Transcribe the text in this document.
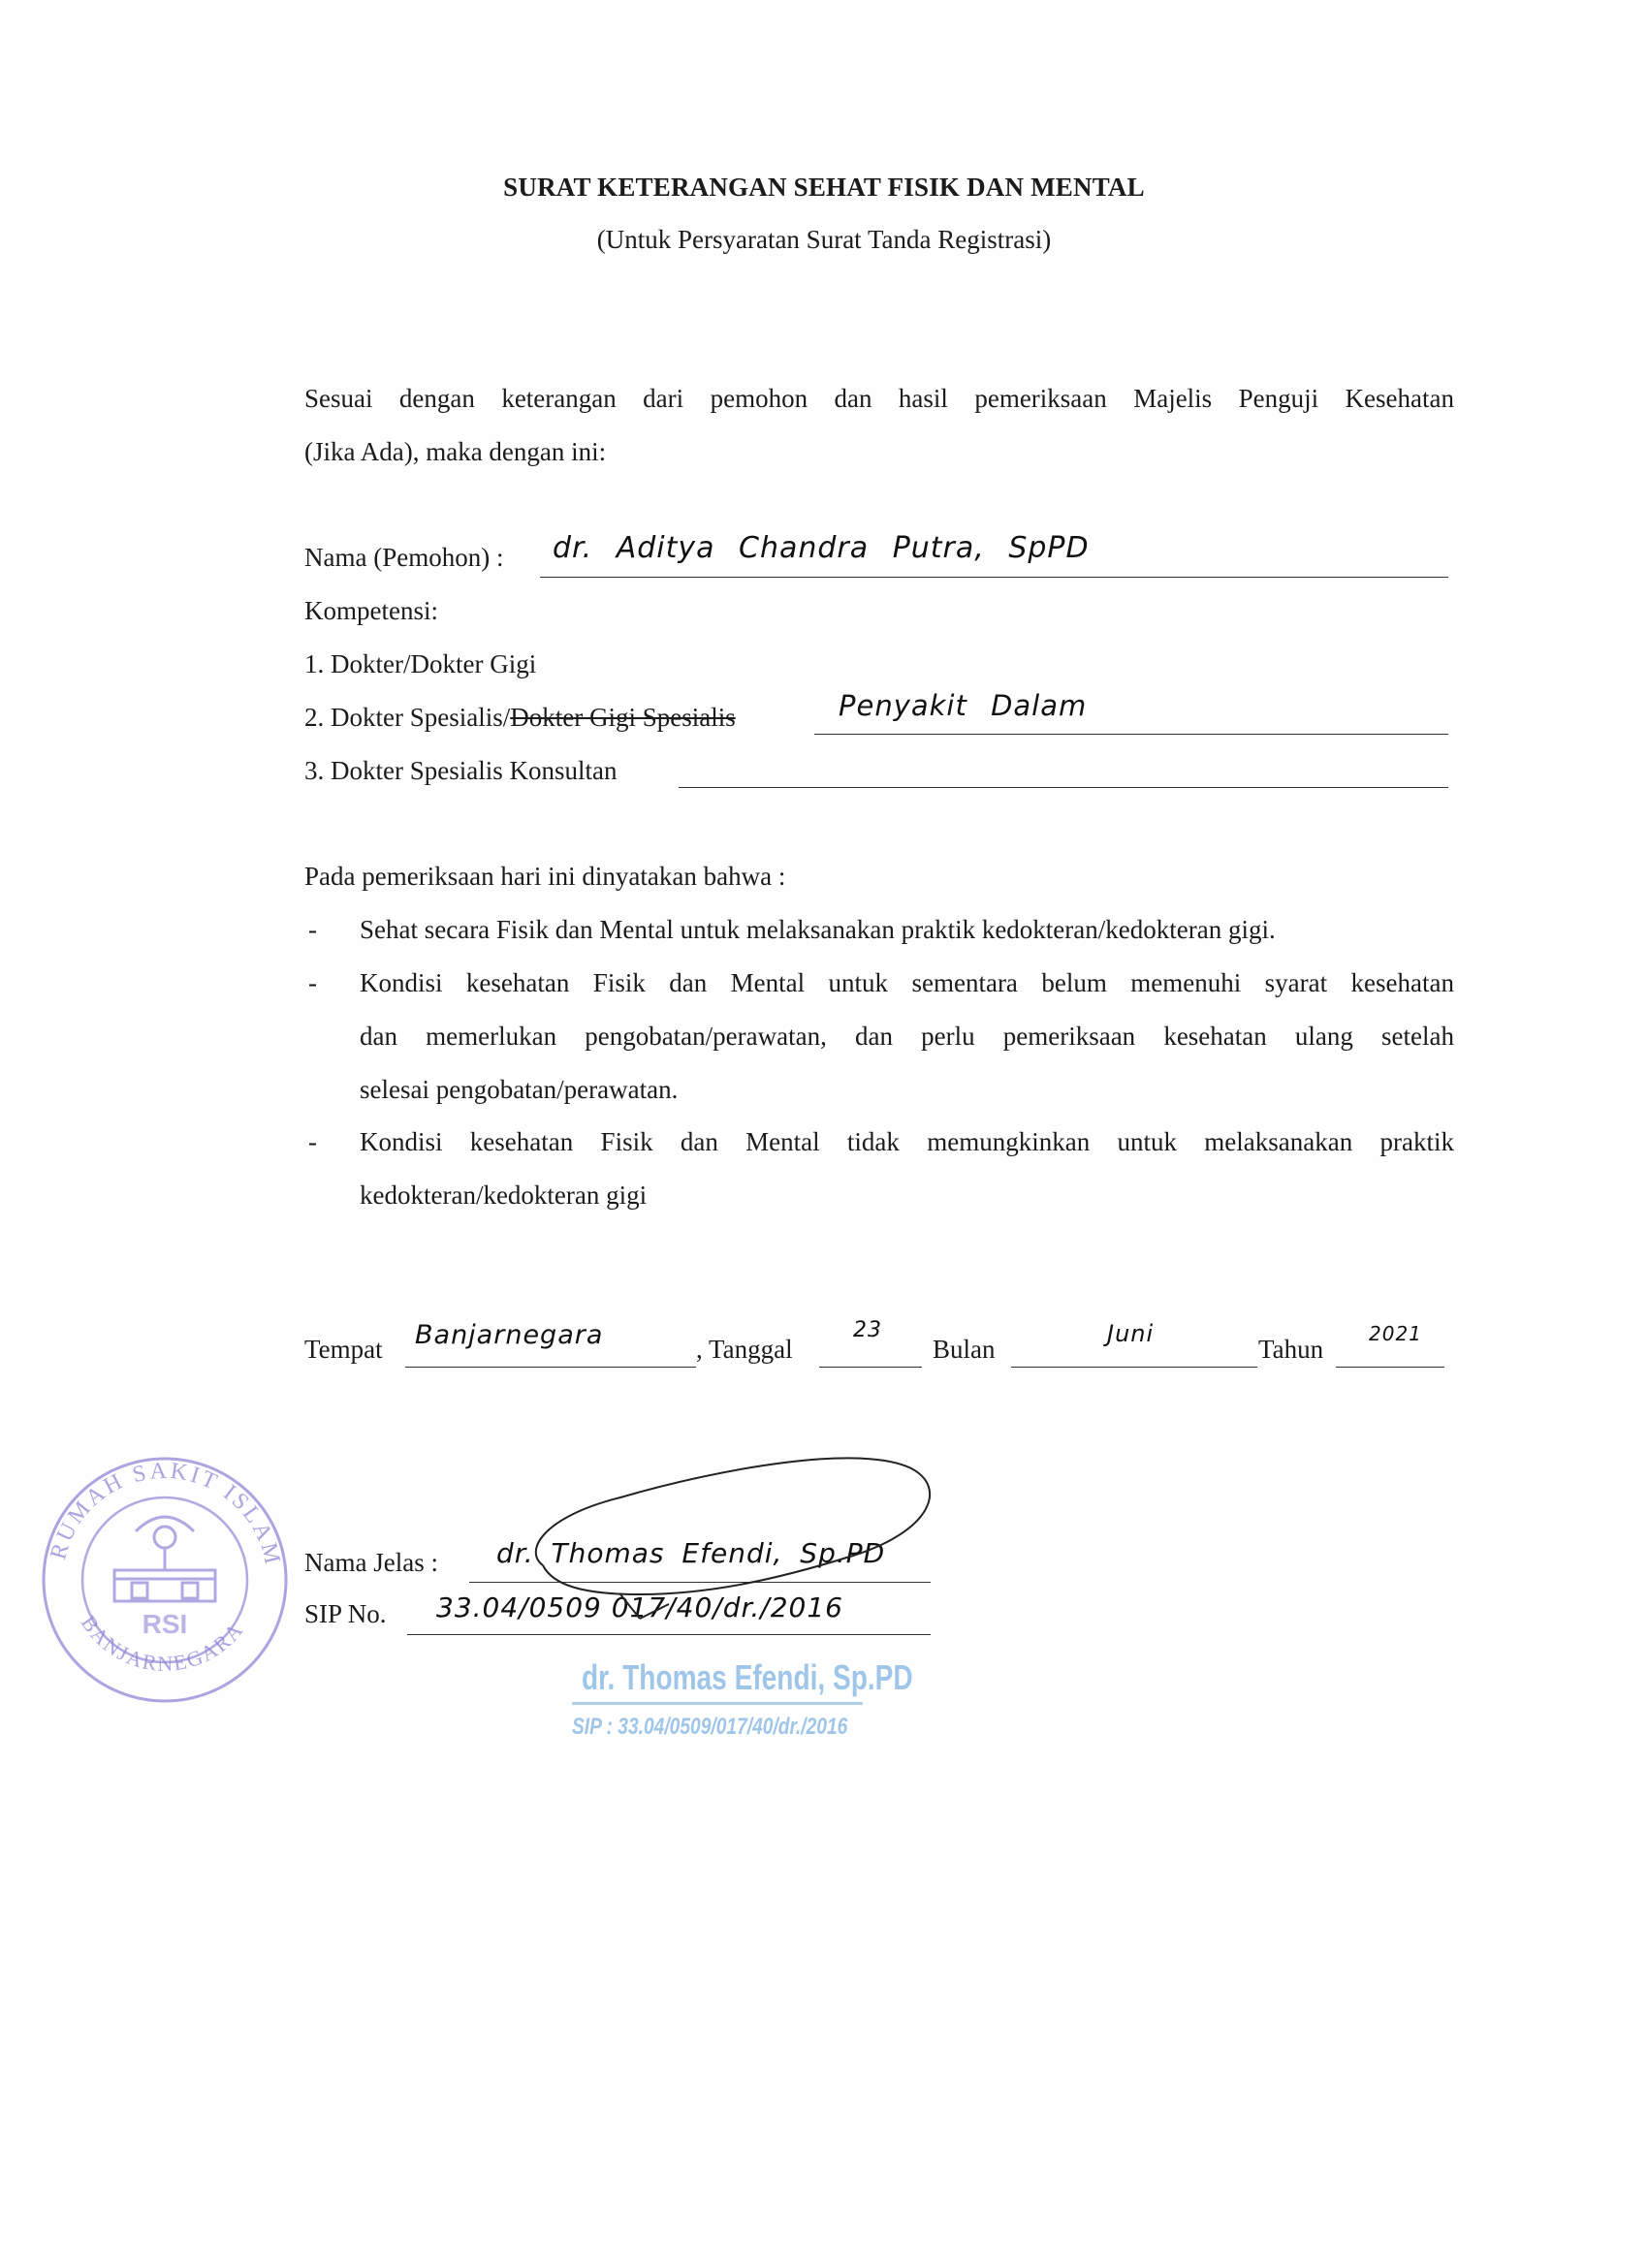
SURAT KETERANGAN SEHAT FISIK DAN MENTAL
(Untuk Persyaratan Surat Tanda Registrasi)
Sesuai dengan keterangan dari pemohon dan hasil pemeriksaan Majelis Penguji Kesehatan
(Jika Ada), maka dengan ini:
Nama (Pemohon) : dr. Aditya Chandra Putra, SpPD
Kompetensi:
1. Dokter/Dokter Gigi
2. Dokter Spesialis/Dokter Gigi Spesialis	Penyakit Dalam
3. Dokter Spesialis Konsultan
Pada pemeriksaan hari ini dinyatakan bahwa :
- Sehat secara Fisik dan Mental untuk melaksanakan praktik kedokteran/kedokteran gigi.
- Kondisi kesehatan Fisik dan Mental untuk sementara belum memenuhi syarat kesehatan
dan memerlukan pengobatan/perawatan, dan perlu pemeriksaan kesehatan ulang setelah
selesai pengobatan/perawatan.
- Kondisi kesehatan Fisik dan Mental tidak memungkinkan untuk melaksanakan praktik
kedokteran/kedokteran gigi
Tempat Banjarnegara	, Tanggal
23
Bulan
Juni
Tahun
2021
RUMAH SAKIT ISLAM
BANJARNEGARA
RSI
dr. Thomas Efendi, Sp.PD
SIP : 33.04/0509/017/40/dr./2016
Nama Jelas : dr. Thomas Efendi, Sp.PD
SIP No. 33.04/0509 017/40/dr./2016
